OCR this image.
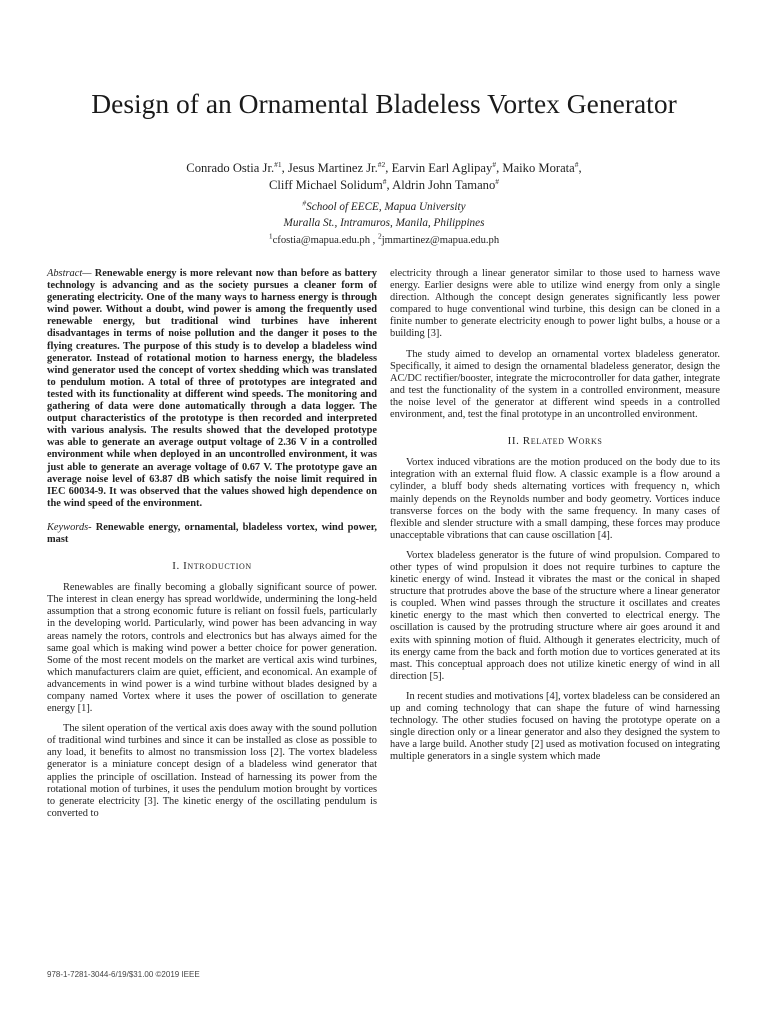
Design of an Ornamental Bladeless Vortex Generator
Conrado Ostia Jr.$^{\#1}$, Jesus Martinez Jr.$^{\#2}$, Earvin Earl Aglipay#, Maiko Morata#,
Cliff Michael Solidum#, Aldrin John Tamano#
#School of EECE, Mapua University
Muralla St., Intramuros, Manila, Philippines
$^1$cfostia@mapua.edu.ph , $^2$jmmartinez@mapua.edu.ph

Abstract— Renewable energy is more relevant now than before as battery technology is advancing and as the society pursues a cleaner form of generating electricity. One of the many ways to harness energy is through wind power. Without a doubt, wind power is among the frequently used renewable energy, but traditional wind turbines have inherent disadvantages in terms of noise pollution and the danger it poses to the flying creatures. The purpose of this study is to develop a bladeless wind generator. Instead of rotational motion to harness energy, the bladeless wind generator used the concept of vortex shedding which was translated to pendulum motion. A total of three of prototypes are integrated and tested with its functionality at different wind speeds. The monitoring and gathering of data were done automatically through a data logger. The output characteristics of the prototype is then recorded and interpreted with various analysis. The results showed that the developed prototype was able to generate an average output voltage of 2.36 V in a controlled environment while when deployed in an uncontrolled environment, it was just able to generate an average voltage of 0.67 V. The prototype gave an average noise level of 63.87 dB which satisfy the noise limit required in IEC 60034-9. It was observed that the values showed high dependence on the wind speed of the environment.

Keywords- Renewable energy, ornamental, bladeless vortex, wind power, mast

I. Introduction

Renewables are finally becoming a globally significant source of power. The interest in clean energy has spread worldwide, undermining the long-held assumption that a strong economic future is reliant on fossil fuels, particularly in the developing world. Particularly, wind power has been advancing in way areas namely the rotors, controls and electronics but has always aimed for the same goal which is making wind power a better choice for power generation. Some of the most recent models on the market are vertical axis wind turbines, which manufacturers claim are quiet, efficient, and economical. An example of advancements in wind power is a wind turbine without blades designed by a company named Vortex where it uses the power of oscillation to generate energy [1].

The silent operation of the vertical axis does away with the sound pollution of traditional wind turbines and since it can be installed as close as possible to any load, it benefits to almost no transmission loss [2]. The vortex bladeless generator is a miniature concept design of a bladeless wind generator that applies the principle of oscillation. Instead of harnessing its power from the rotational motion of turbines, it uses the pendulum motion brought by vortices to generate electricity [3]. The kinetic energy of the oscillating pendulum is converted to

electricity through a linear generator similar to those used to harness wave energy. Earlier designs were able to utilize wind energy from only a single direction. Although the concept design generates significantly less power compared to huge conventional wind turbine, this design can be cloned in a finite number to generate electricity enough to power light bulbs, a house or a building [3].

The study aimed to develop an ornamental vortex bladeless generator. Specifically, it aimed to design the ornamental bladeless generator, design the AC/DC rectifier/booster, integrate the microcontroller for data gather, integrate and test the functionality of the system in a controlled environment, measure the noise level of the generator at different wind speeds in a controlled environment, and, test the final prototype in an uncontrolled environment.

II. Related Works

Vortex induced vibrations are the motion produced on the body due to its integration with an external fluid flow. A classic example is a flow around a cylinder, a bluff body sheds alternating vortices with frequency n, which mainly depends on the Reynolds number and body geometry. Vortices induce transverse forces on the body with the same frequency. In many cases of flexible and slender structure with a small damping, these forces may produce unacceptable vibrations that can cause oscillation [4].

Vortex bladeless generator is the future of wind propulsion. Compared to other types of wind propulsion it does not require turbines to capture the kinetic energy of wind. Instead it vibrates the mast or the conical in shaped structure that protrudes above the base of the structure where a linear generator is coupled. When wind passes through the structure it oscillates and creates kinetic energy to the mast which then converted to electrical energy. The oscillation is caused by the protruding structure where air goes around it and exits with spinning motion of fluid. Although it generates electricity, much of its energy came from the back and forth motion due to vortices generated at its mast. This conceptual approach does not utilize kinetic energy of wind in all direction [5].

In recent studies and motivations [4], vortex bladeless can be considered an up and coming technology that can shape the future of wind harnessing technology. The other studies focused on having the prototype operate on a single direction only or a linear generator and also they designed the system to have a large build. Another study [2] used as motivation focused on integrating multiple generators in a single system which made

978-1-7281-3044-6/19/$31.00 ©2019 IEEE
